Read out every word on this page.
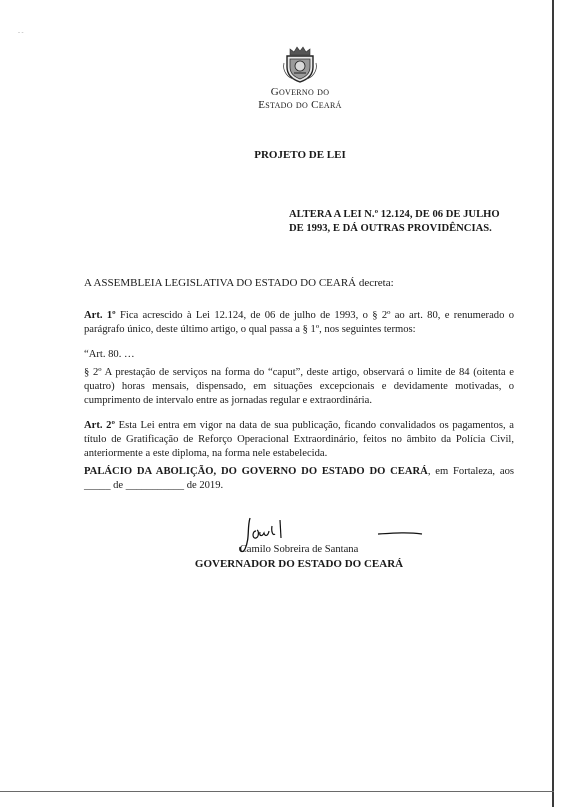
- -
Governo do
Estado do Ceará
PROJETO DE LEI
ALTERA A LEI N.º 12.124, DE 06 DE JULHO DE 1993, E DÁ OUTRAS PROVIDÊNCIAS.
A ASSEMBLEIA LEGISLATIVA DO ESTADO DO CEARÁ decreta:
Art. 1º Fica acrescido à Lei 12.124, de 06 de julho de 1993, o § 2º ao art. 80, e renumerado o parágrafo único, deste último artigo, o qual passa a § 1º, nos seguintes termos:
“Art. 80. …
§ 2º A prestação de serviços na forma do “caput”, deste artigo, observará o limite de 84 (oitenta e quatro) horas mensais, dispensado, em situações excepcionais e devidamente motivadas, o cumprimento de intervalo entre as jornadas regular e extraordinária.
Art. 2º Esta Lei entra em vigor na data de sua publicação, ficando convalidados os pagamentos, a título de Gratificação de Reforço Operacional Extraordinário, feitos no âmbito da Polícia Civil, anteriormente a este diploma, na forma nele estabelecida.
PALÁCIO DA ABOLIÇÃO, DO GOVERNO DO ESTADO DO CEARÁ, em Fortaleza, aos _____ de ___________ de 2019.
Camilo Sobreira de Santana
GOVERNADOR DO ESTADO DO CEARÁ
